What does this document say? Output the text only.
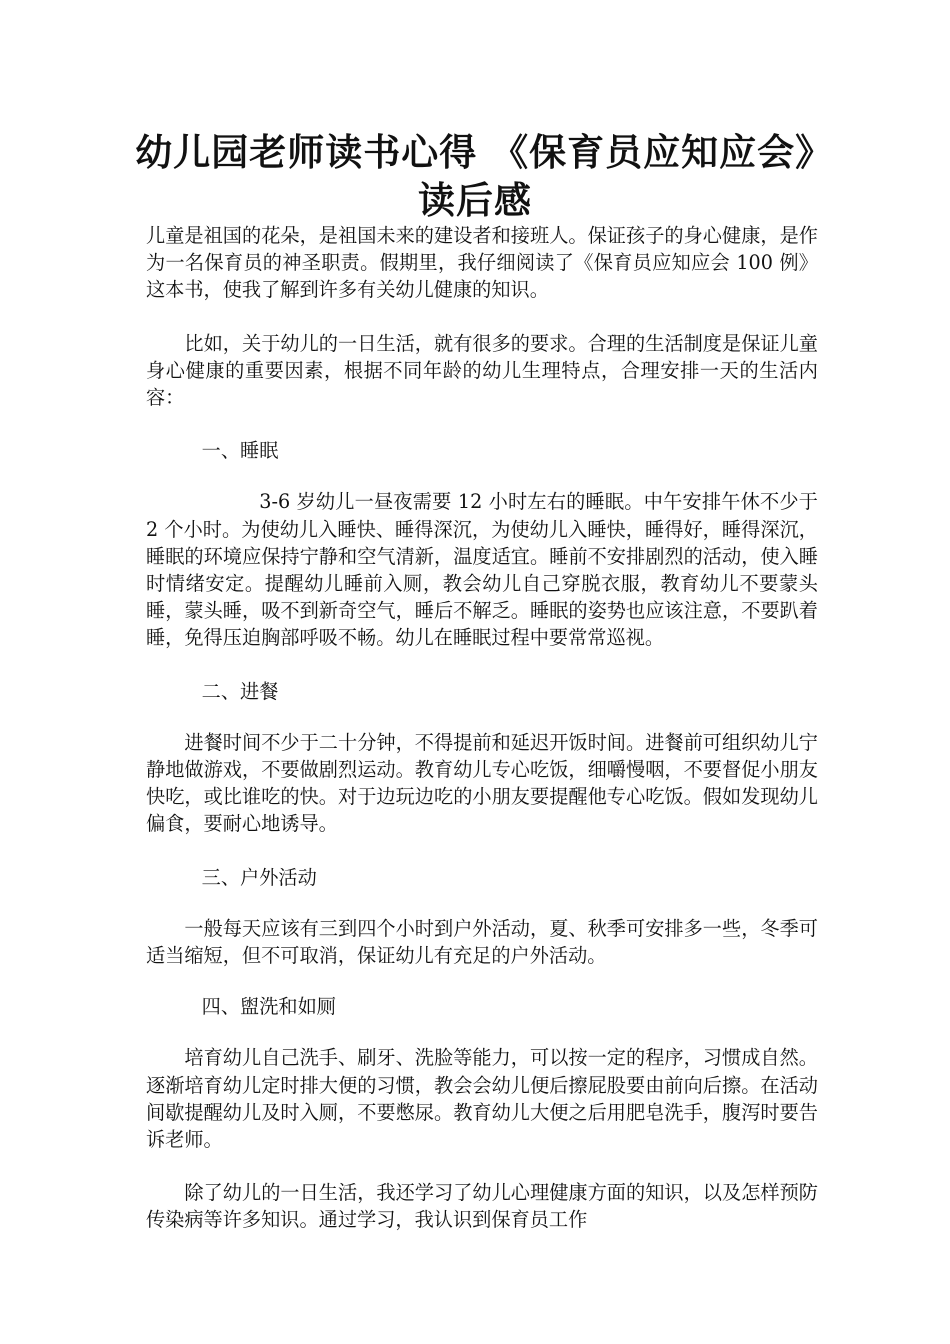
幼儿园老师读书心得 《保育员应知应会》读后感

儿童是祖国的花朵，是祖国未来的建设者和接班人。保证孩子的身心健康，是作为一名保育员的神圣职责。假期里，我仔细阅读了《保育员应知应会 100 例》这本书，使我了解到许多有关幼儿健康的知识。

比如，关于幼儿的一日生活，就有很多的要求。合理的生活制度是保证儿童身心健康的重要因素，根据不同年龄的幼儿生理特点，合理安排一天的生活内容：

一、睡眠

3-6 岁幼儿一昼夜需要 12 小时左右的睡眠。中午安排午休不少于 2 个小时。为使幼儿入睡快、睡得深沉，为使幼儿入睡快，睡得好，睡得深沉，睡眠的环境应保持宁静和空气清新，温度适宜。睡前不安排剧烈的活动，使入睡时情绪安定。提醒幼儿睡前入厕，教会幼儿自己穿脱衣服，教育幼儿不要蒙头睡，蒙头睡，吸不到新奇空气，睡后不解乏。睡眠的姿势也应该注意，不要趴着睡，免得压迫胸部呼吸不畅。幼儿在睡眠过程中要常常巡视。

二、进餐

进餐时间不少于二十分钟，不得提前和延迟开饭时间。进餐前可组织幼儿宁静地做游戏，不要做剧烈运动。教育幼儿专心吃饭，细嚼慢咽，不要督促小朋友快吃，或比谁吃的快。对于边玩边吃的小朋友要提醒他专心吃饭。假如发现幼儿偏食，要耐心地诱导。

三、户外活动

一般每天应该有三到四个小时到户外活动，夏、秋季可安排多一些，冬季可适当缩短，但不可取消，保证幼儿有充足的户外活动。

四、盥洗和如厕

培育幼儿自己洗手、刷牙、洗脸等能力，可以按一定的程序，习惯成自然。逐渐培育幼儿定时排大便的习惯，教会会幼儿便后擦屁股要由前向后擦。在活动间歇提醒幼儿及时入厕，不要憋尿。教育幼儿大便之后用肥皂洗手，腹泻时要告诉老师。

除了幼儿的一日生活，我还学习了幼儿心理健康方面的知识，以及怎样预防传染病等许多知识。通过学习，我认识到保育员工作
